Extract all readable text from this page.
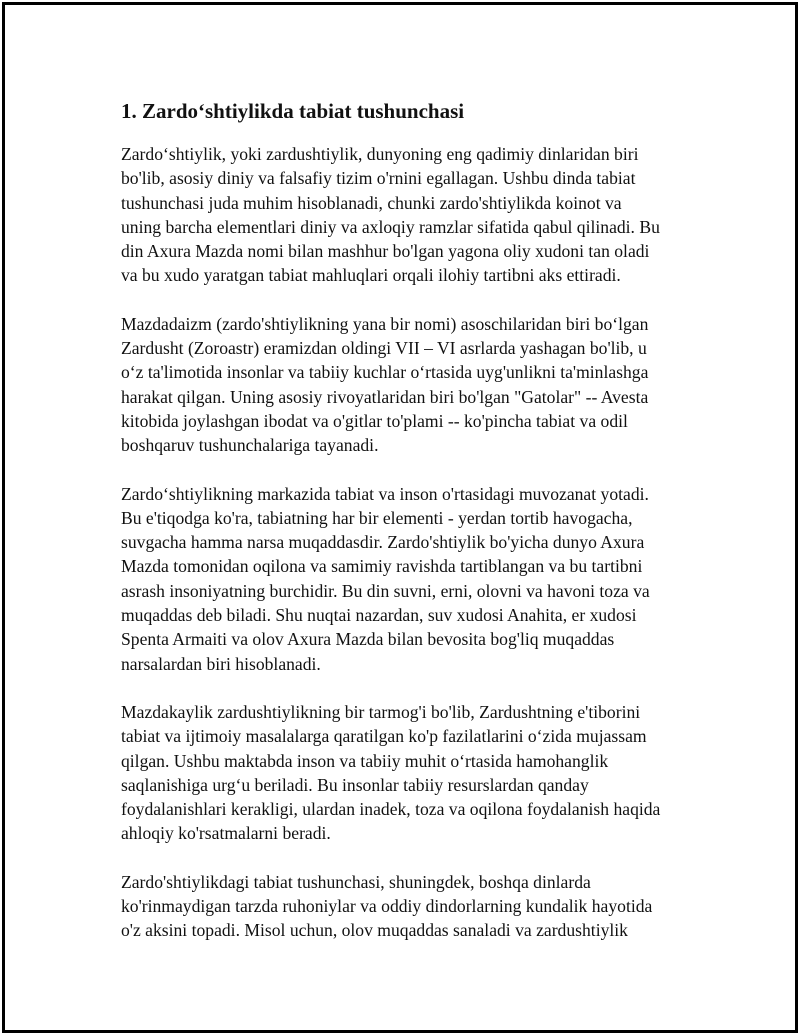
1. Zardo‘shtiylikda tabiat tushunchasi

Zardo‘shtiylik, yoki zardushtiylik, dunyoning eng qadimiy dinlaridan biri
bo'lib, asosiy diniy va falsafiy tizim o'rnini egallagan. Ushbu dinda tabiat
tushunchasi juda muhim hisoblanadi, chunki zardo'shtiylikda koinot va
uning barcha elementlari diniy va axloqiy ramzlar sifatida qabul qilinadi. Bu
din Axura Mazda nomi bilan mashhur bo'lgan yagona oliy xudoni tan oladi
va bu xudo yaratgan tabiat mahluqlari orqali ilohiy tartibni aks ettiradi.

Mazdadaizm (zardo'shtiylikning yana bir nomi) asoschilaridan biri bo‘lgan
Zardusht (Zoroastr) eramizdan oldingi VII – VI asrlarda yashagan bo'lib, u
o‘z ta'limotida insonlar va tabiiy kuchlar o‘rtasida uyg'unlikni ta'minlashga
harakat qilgan. Uning asosiy rivoyatlaridan biri bo'lgan "Gatolar" -- Avesta
kitobida joylashgan ibodat va o'gitlar to'plami -- ko'pincha tabiat va odil
boshqaruv tushunchalariga tayanadi.

Zardo‘shtiylikning markazida tabiat va inson o'rtasidagi muvozanat yotadi.
Bu e'tiqodga ko'ra, tabiatning har bir elementi - yerdan tortib havogacha,
suvgacha hamma narsa muqaddasdir. Zardo'shtiylik bo'yicha dunyo Axura
Mazda tomonidan oqilona va samimiy ravishda tartiblangan va bu tartibni
asrash insoniyatning burchidir. Bu din suvni, erni, olovni va havoni toza va
muqaddas deb biladi. Shu nuqtai nazardan, suv xudosi Anahita, er xudosi
Spenta Armaiti va olov Axura Mazda bilan bevosita bog'liq muqaddas
narsalardan biri hisoblanadi.

Mazdakaylik zardushtiylikning bir tarmog'i bo'lib, Zardushtning e'tiborini
tabiat va ijtimoiy masalalarga qaratilgan ko'p fazilatlarini o‘zida mujassam
qilgan. Ushbu maktabda inson va tabiiy muhit o‘rtasida hamohanglik
saqlanishiga urg‘u beriladi. Bu insonlar tabiiy resurslardan qanday
foydalanishlari kerakligi, ulardan inadek, toza va oqilona foydalanish haqida
ahloqiy ko'rsatmalarni beradi.

Zardo'shtiylikdagi tabiat tushunchasi, shuningdek, boshqa dinlarda
ko'rinmaydigan tarzda ruhoniylar va oddiy dindorlarning kundalik hayotida
o'z aksini topadi. Misol uchun, olov muqaddas sanaladi va zardushtiylik
